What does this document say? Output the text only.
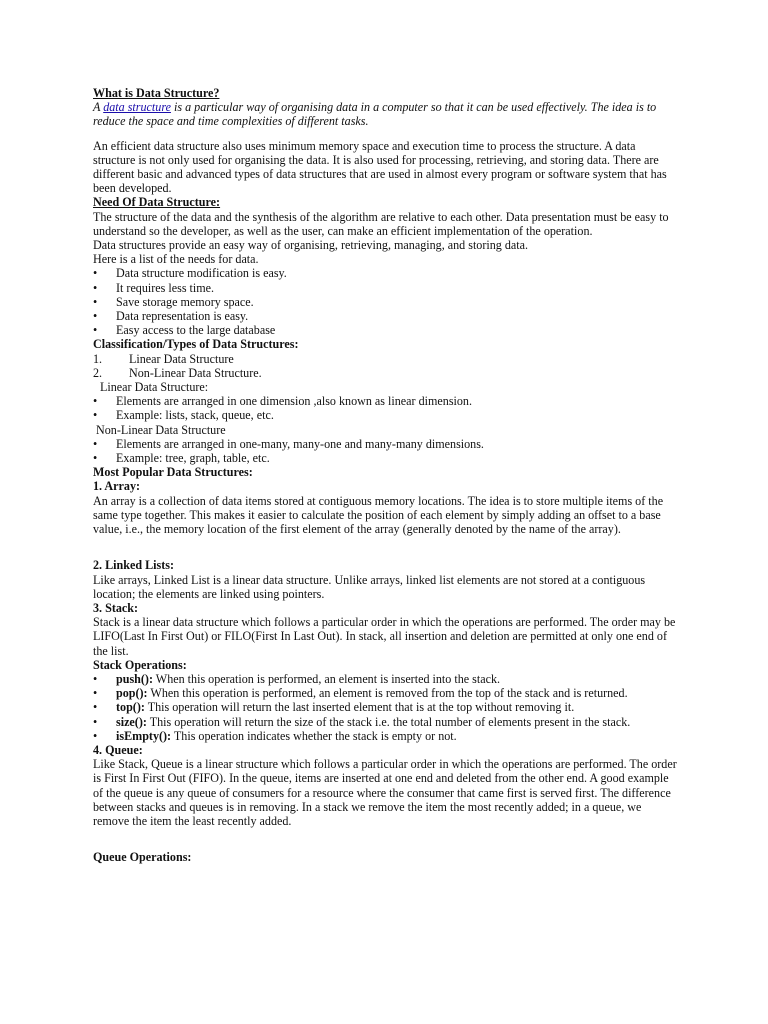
What is Data Structure?

A data structure is a particular way of organising data in a computer so that it can be used effectively. The idea is to reduce the space and time complexities of different tasks.

An efficient data structure also uses minimum memory space and execution time to process the structure. A data structure is not only used for organising the data. It is also used for processing, retrieving, and storing data. There are different basic and advanced types of data structures that are used in almost every program or software system that has been developed.

Need Of Data Structure:

The structure of the data and the synthesis of the algorithm are relative to each other. Data presentation must be easy to understand so the developer, as well as the user, can make an efficient implementation of the operation.

Data structures provide an easy way of organising, retrieving, managing, and storing data.

Here is a list of the needs for data.

• Data structure modification is easy.
• It requires less time.
• Save storage memory space.
• Data representation is easy.
• Easy access to the large database

Classification/Types of Data Structures:

1. Linear Data Structure
2. Non-Linear Data Structure.

Linear Data Structure:

• Elements are arranged in one dimension ,also known as linear dimension.
• Example: lists, stack, queue, etc.

Non-Linear Data Structure

• Elements are arranged in one-many, many-one and many-many dimensions.
• Example: tree, graph, table, etc.

Most Popular Data Structures:

1. Array:

An array is a collection of data items stored at contiguous memory locations. The idea is to store multiple items of the same type together. This makes it easier to calculate the position of each element by simply adding an offset to a base value, i.e., the memory location of the first element of the array (generally denoted by the name of the array).

2. Linked Lists:

Like arrays, Linked List is a linear data structure. Unlike arrays, linked list elements are not stored at a contiguous location; the elements are linked using pointers.

3. Stack:

Stack is a linear data structure which follows a particular order in which the operations are performed. The order may be LIFO(Last In First Out) or FILO(First In Last Out). In stack, all insertion and deletion are permitted at only one end of the list.

Stack Operations:

• push(): When this operation is performed, an element is inserted into the stack.
• pop(): When this operation is performed, an element is removed from the top of the stack and is returned.
• top(): This operation will return the last inserted element that is at the top without removing it.
• size(): This operation will return the size of the stack i.e. the total number of elements present in the stack.
• isEmpty(): This operation indicates whether the stack is empty or not.

4. Queue:

Like Stack, Queue is a linear structure which follows a particular order in which the operations are performed. The order is First In First Out (FIFO). In the queue, items are inserted at one end and deleted from the other end. A good example of the queue is any queue of consumers for a resource where the consumer that came first is served first. The difference between stacks and queues is in removing. In a stack we remove the item the most recently added; in a queue, we remove the item the least recently added.

Queue Operations:
